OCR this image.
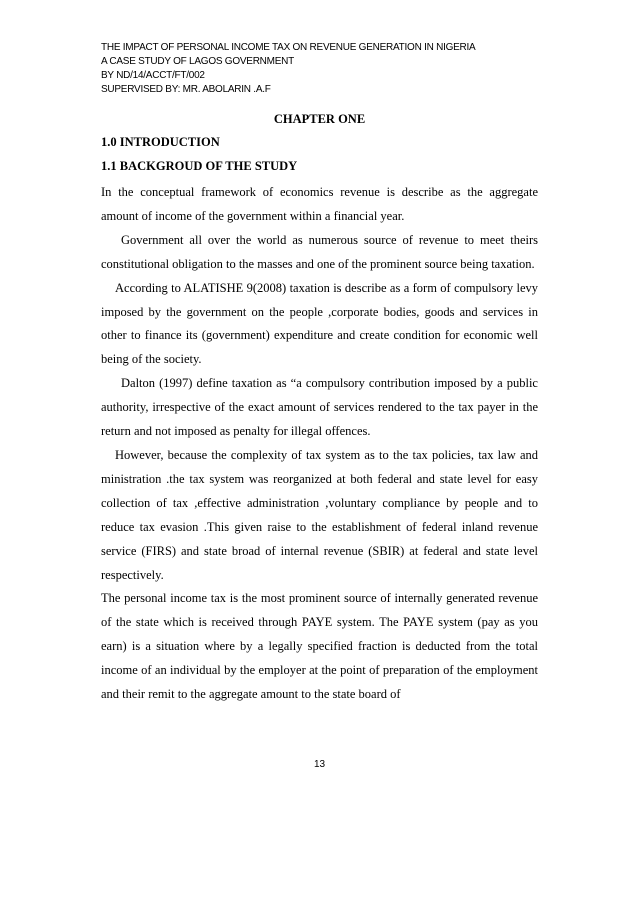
THE IMPACT OF PERSONAL INCOME TAX ON REVENUE GENERATION IN NIGERIA
A CASE STUDY OF LAGOS GOVERNMENT
BY ND/14/ACCT/FT/002
SUPERVISED BY: MR. ABOLARIN .A.F
CHAPTER ONE
1.0 INTRODUCTION
1.1 BACKGROUD OF THE STUDY

In the conceptual framework of economics revenue is describe as the aggregate amount of income of the government within a financial year.

Government all over the world as numerous source of revenue to meet theirs constitutional obligation to the masses and one of the prominent source being taxation.

According to ALATISHE 9(2008) taxation is describe as a form of compulsory levy imposed by the government on the people ,corporate bodies, goods and services in other to finance its (government) expenditure and create condition for economic well being of the society.

Dalton (1997) define taxation as “a compulsory contribution imposed by a public authority, irrespective of the exact amount of services rendered to the tax payer in the return and not imposed as penalty for illegal offences.

However, because the complexity of tax system as to the tax policies, tax law and ministration .the tax system was reorganized at both federal and state level for easy collection of tax ,effective administration ,voluntary compliance by people and to reduce tax evasion .This given raise to the establishment of federal inland revenue service (FIRS) and state broad of internal revenue (SBIR) at federal and state level respectively.

The personal income tax is the most prominent source of internally generated revenue of the state which is received through PAYE system. The PAYE system (pay as you earn) is a situation where by a legally specified fraction is deducted from the total income of an individual by the employer at the point of preparation of the employment and their remit to the aggregate amount to the state board of

13
